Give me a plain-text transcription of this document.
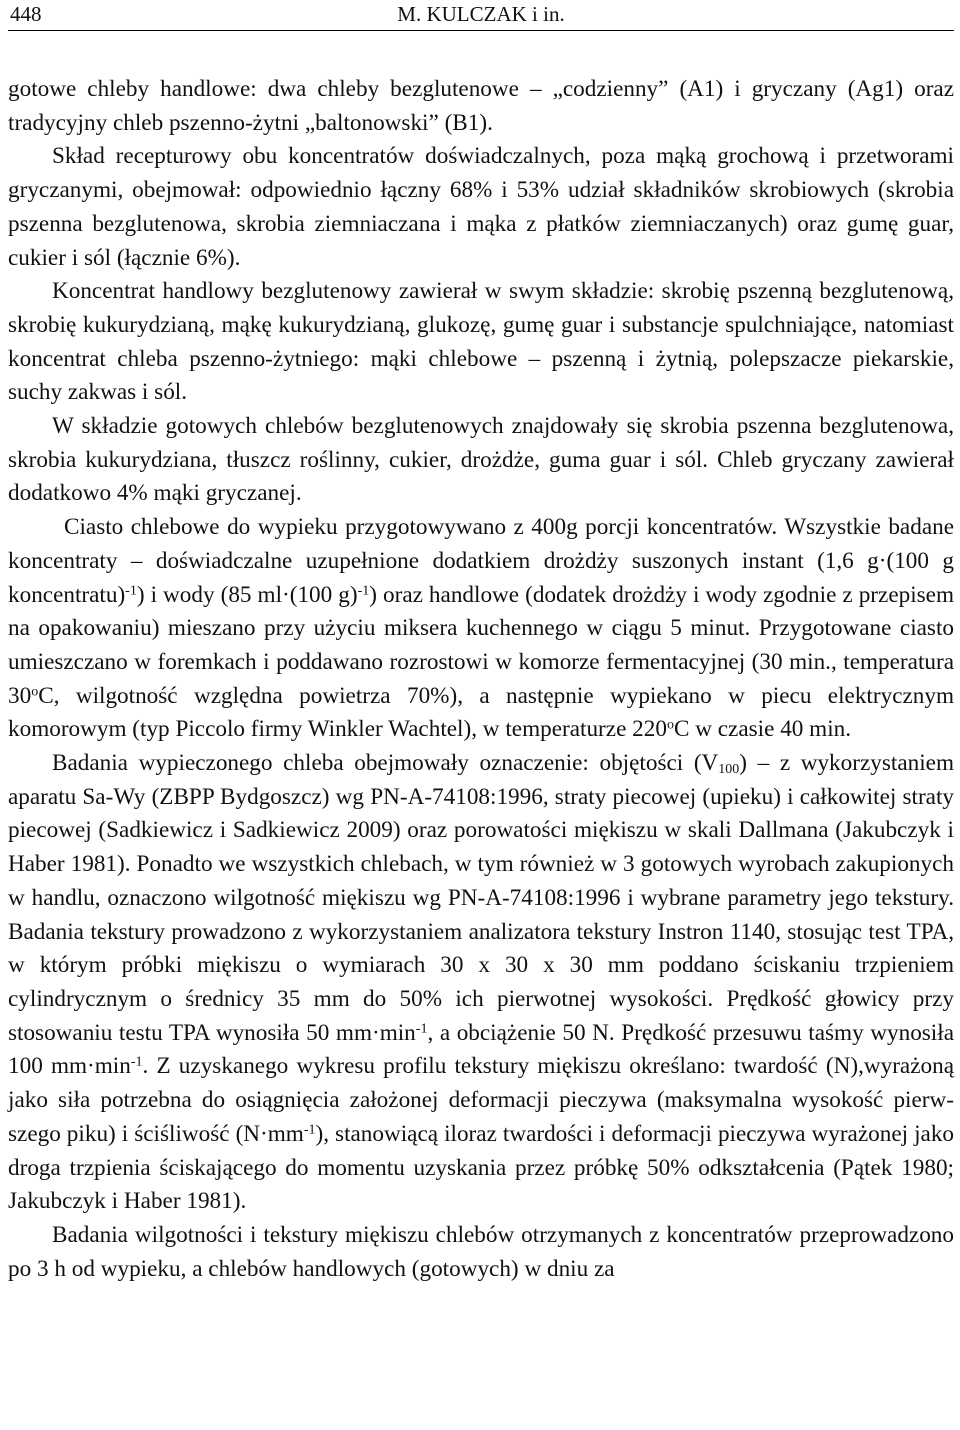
448	M. KULCZAK i in.

gotowe chleby handlowe: dwa chleby bezglutenowe – „codzienny” (A1) i gryczany (Ag1) oraz tradycyjny chleb pszenno-żytni „baltonowski” (B1).

Skład recepturowy obu koncentratów doświadczalnych, poza mąką grochową i przetworami gryczanymi, obejmował: odpowiednio łączny 68% i 53% udział składników skrobiowych (skrobia pszenna bezglutenowa, skrobia ziemniaczana i mąka z płatków ziemniaczanych) oraz gumę guar, cukier i sól (łącznie 6%).

Koncentrat handlowy bezglutenowy zawierał w swym składzie: skrobię pszenną bezglutenową, skrobię kukurydzianą, mąkę kukurydzianą, glukozę, gumę guar i substancje spulchniające, natomiast koncentrat chleba pszenno-żytniego: mąki chlebowe – pszenną i żytnią, polepszacze piekarskie, suchy zakwas i sól.

W składzie gotowych chlebów bezglutenowych znajdowały się skrobia pszenna bezglutenowa, skrobia kukurydziana, tłuszcz roślinny, cukier, drożdże, guma guar i sól. Chleb gryczany zawierał dodatkowo 4% mąki gryczanej.

Ciasto chlebowe do wypieku przygotowywano z 400g porcji koncentratów. Wszystkie badane koncentraty – doświadczalne uzupełnione dodatkiem drożdży suszonych instant (1,6 g·(100 g koncentratu)$^{-1}$) i wody (85 ml·(100 g)$^{-1}$) oraz handlowe (dodatek drożdży i wody zgodnie z przepisem na opakowaniu) mieszano przy użyciu miksera kuchennego w ciągu 5 minut. Przygotowane ciasto umieszczano w foremkach i poddawano rozrostowi w komorze fermentacyjnej (30 min., temperatura 30$^o$C, wilgotność względna powietrza 70%), a następnie wypiekano w piecu elektrycznym komorowym (typ Piccolo firmy Winkler Wachtel), w temperaturze 220$^o$C w czasie 40 min.

Badania wypieczonego chleba obejmowały oznaczenie: objętości $(V_{100})$ – z wykorzystaniem aparatu Sa-Wy (ZBPP Bydgoszcz) wg PN-A-74108:1996, straty piecowej (upieku) i całkowitej straty piecowej (Sadkiewicz i Sadkiewicz 2009) oraz porowatości miękiszu w skali Dallmana (Jakubczyk i Haber 1981). Ponadto we wszystkich chlebach, w tym również w 3 gotowych wyrobach zakupionych w handlu, oznaczono wilgotność miękiszu wg PN-A-74108:1996 i wybrane parametry jego tekstury. Badania tekstury prowadzono z wykorzystaniem analizatora tekstury Instron 1140, stosując test TPA, w którym próbki miękiszu o wymiarach 30 x 30 x 30 mm poddano ściskaniu trzpieniem cylindrycznym o średnicy 35 mm do 50% ich pierwotnej wysokości. Prędkość głowicy przy stosowaniu testu TPA wynosiła 50 $mm\cdot\min^{-1}$, a obciążenie 50 N. Prędkość przesuwu taśmy wynosiła 100 $mm\cdot\min^{-1}$. Z uzyskanego wykresu profilu tekstury miękiszu określano: twardość (N),wyrażoną jako siła potrzebna do osiągnięcia założonej deformacji pieczywa (maksymalna wysokość pierwszego piku) i ściśliwość $(N\cdot mm^{-1})$, stanowiącą iloraz twardości i deformacji pieczywa wyrażonej jako droga trzpienia ściskającego do momentu uzyskania przez próbkę 50% odkształcenia (Pątek 1980; Jakubczyk i Haber 1981).

Badania wilgotności i tekstury miękiszu chlebów otrzymanych z koncentratów przeprowadzono po 3 h od wypieku, a chlebów handlowych (gotowych) w dniu za
